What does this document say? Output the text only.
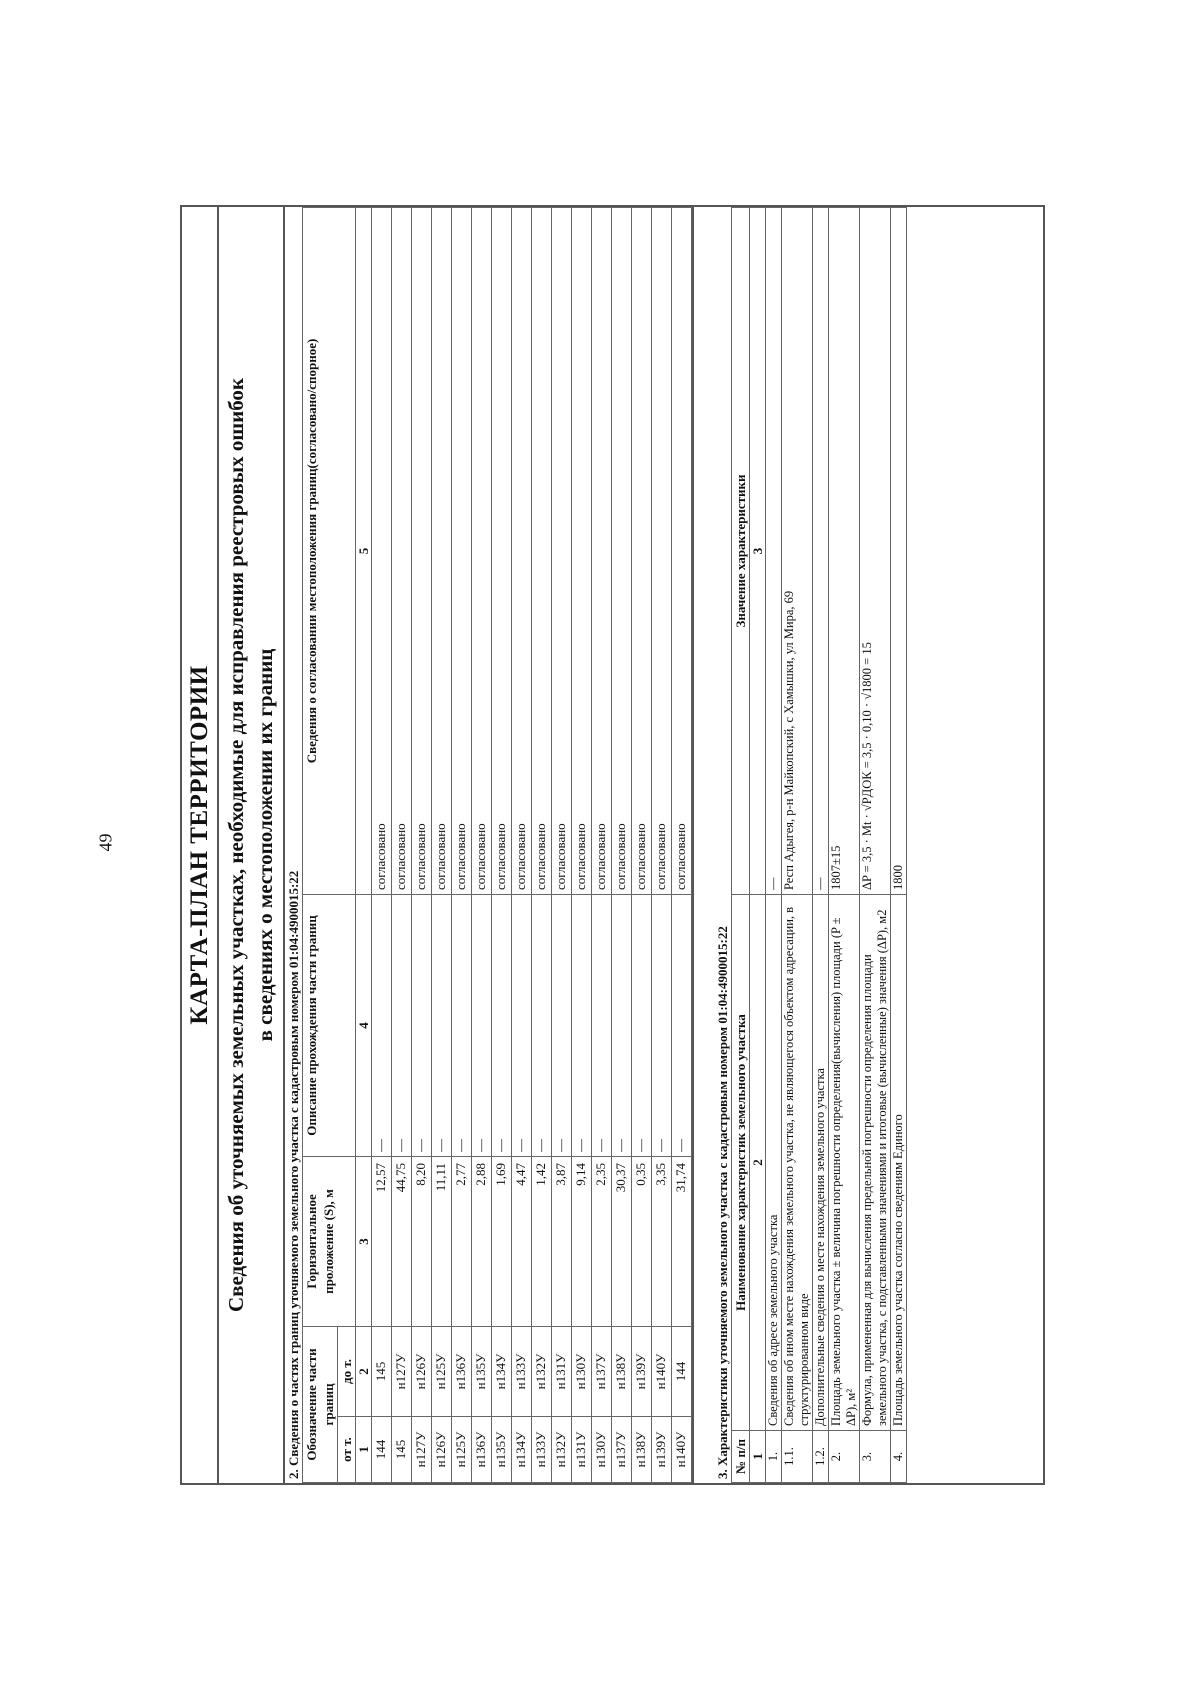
49	КАРТА-ПЛАН ТЕРРИТОРИИ Сведения об уточняемых земельных участках, необходимые для исправления реестровых ошибок в сведениях о местоположении их границ
2. Сведения о частях границ уточняемого земельного участка с кадастровым номером 01:04:4900015:22 Обозначение части границ		Горизонтальное проложение (S), м	Описание прохождения части границ	Сведения о согласовании местоположения границ(согласовано/спорное)
от т.	до т.			
1	2	3	4	5
144	145	12,57	—	согласовано
145	н127У	44,75	—	согласовано
н127У	н126У	8,20	—	согласовано
н126У	н125У	11,11	—	согласовано
н125У	н136У	2,77	—	согласовано
н136У	н135У	2,88	—	согласовано
н135У	н134У	1,69	—	согласовано
н134У	н133У	4,47	—	согласовано
н133У	н132У	1,42	—	согласовано
н132У	н131У	3,87	—	согласовано
н131У	н130У	9,14	—	согласовано
н130У	н137У	2,35	—	согласовано
н137У	н138У	30,37	—	согласовано
н138У	н139У	0,35	—	согласовано
н139У	н140У	3,35	—	согласовано
н140У	144	31,74	—	согласовано
3. Характеристики уточняемого земельного участка с кадастровым номером 01:04:4900015:22 № п/п	Наименование характеристик земельного участка	Значение характеристики
1	2	3
1.	Сведения об адресе земельного участка	—
1.1.	Сведения об ином месте нахождения земельного участка, не являющегося объектом адресации, в структурированном виде	Респ Адыгея, р-н Майкопский, с Хамышки, ул Мира, 69
1.2.	Дополнительные сведения о месте нахождения земельного участка	—
2.	Площадь земельного участка ± величина погрешности определения(вычисления) площади (P ± ΔP), м²	1807±15
3.	Формула, примененная для вычисления предельной погрешности определения площади земельного участка, с подставленными значениями и итоговые (вычисленные) значения (ΔP), м2	ΔP = 3,5 · Mt · √PДОК = 3,5 · 0,10 · √1800 = 15
4.	Площадь земельного участка согласно сведениям Единого	1800
